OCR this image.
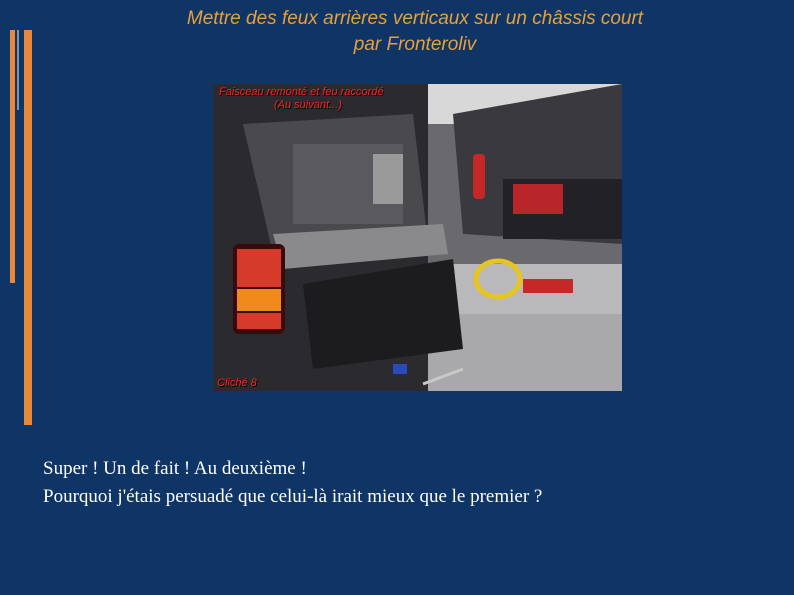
Mettre des feux arrières verticaux sur un châssis court
par Fronteroliv
Faisceau remonté et feu raccordé
(Au suivant...)
Cliché 8
Super ! Un de fait ! Au deuxième !
Pourquoi j'étais persuadé que celui-là irait mieux que le premier ?
